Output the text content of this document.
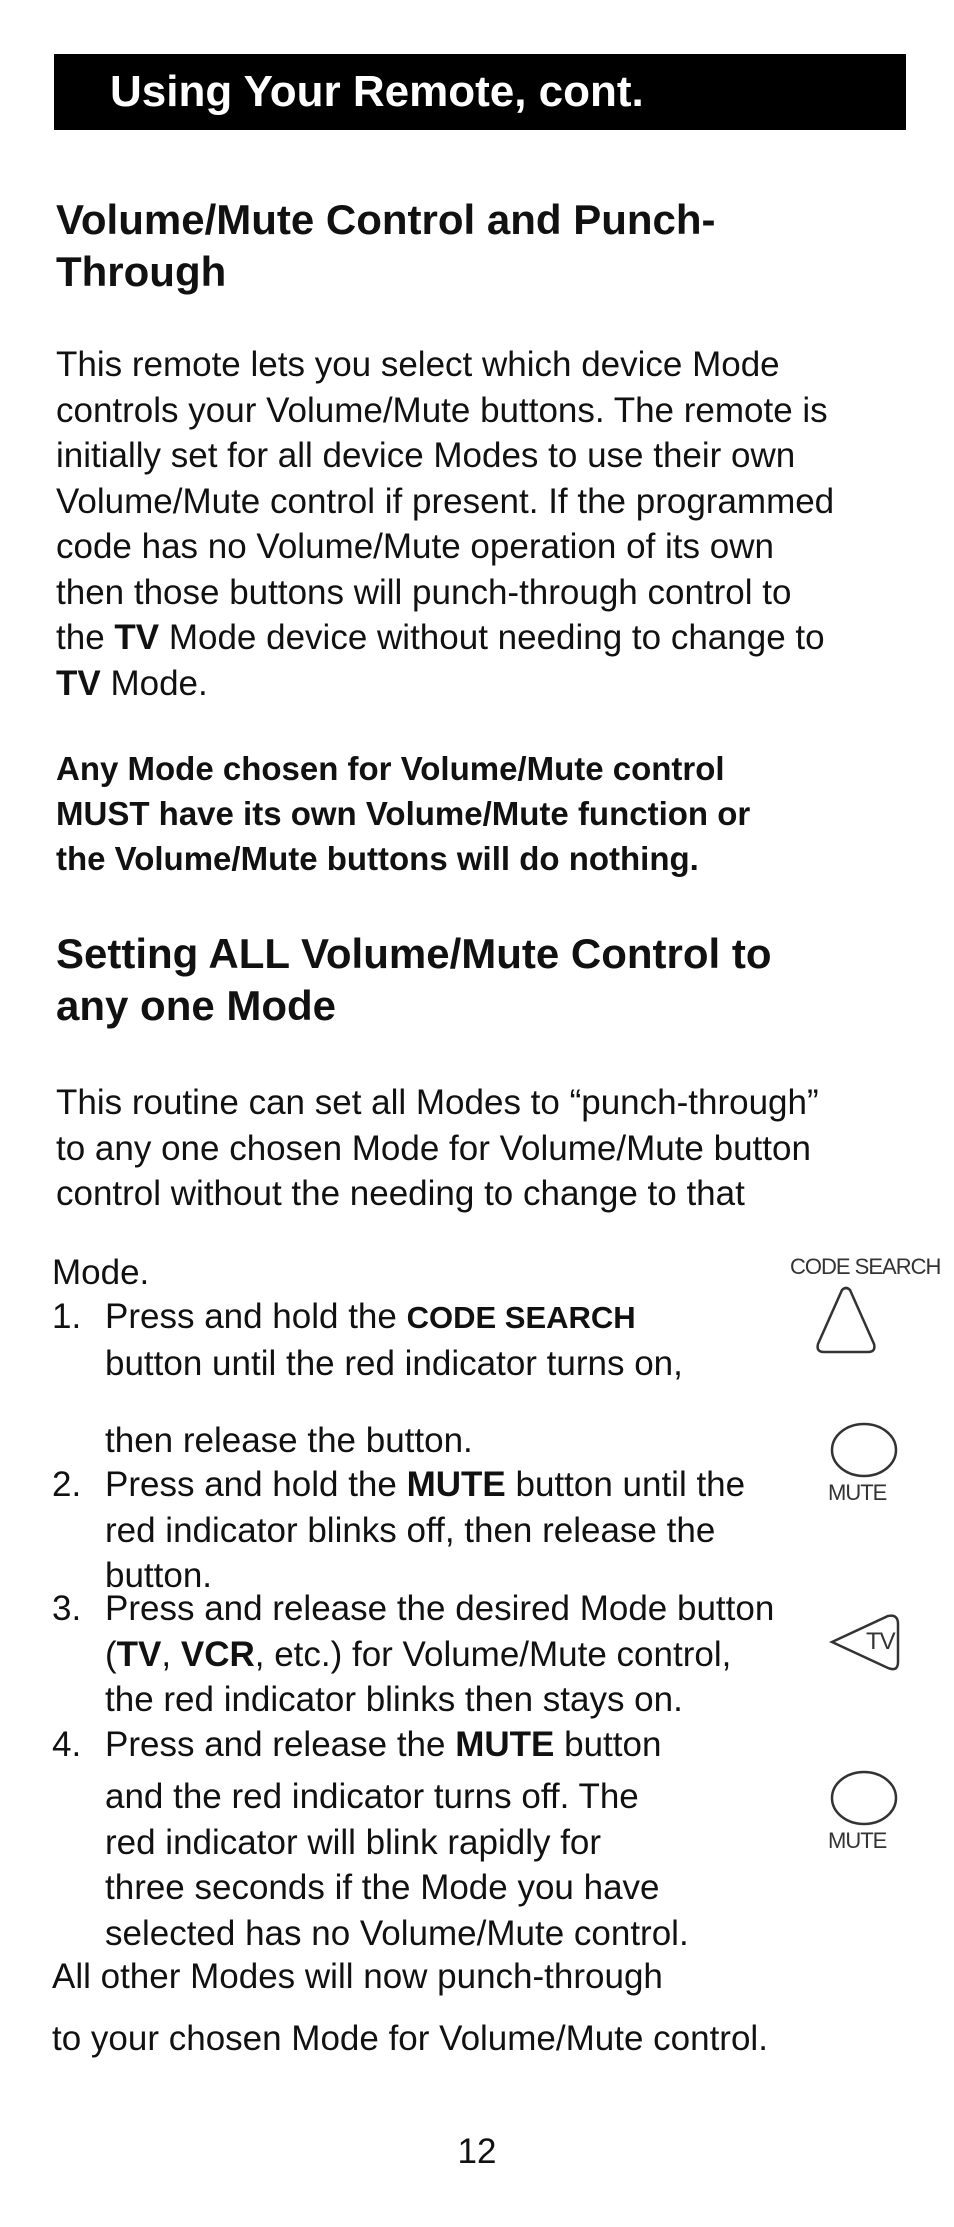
Using Your Remote, cont.
Volume/Mute Control and Punch-
Through
This remote lets you select which device Mode
controls your Volume/Mute buttons. The remote is
initially set for all device Modes to use their own
Volume/Mute control if present. If the programmed
code has no Volume/Mute operation of its own
then those buttons will punch-through control to
the TV Mode device without needing to change to
TV Mode.
Any Mode chosen for Volume/Mute control
MUST have its own Volume/Mute function or
the Volume/Mute buttons will do nothing.
Setting ALL Volume/Mute Control to
any one Mode
This routine can set all Modes to “punch-through”
to any one chosen Mode for Volume/Mute button
control without the needing to change to that
Mode.
1. Press and hold the CODE SEARCH
button until the red indicator turns on,
then release the button.
2. Press and hold the MUTE button until the
red indicator blinks off, then release the
button.
3. Press and release the desired Mode button
(TV, VCR, etc.) for Volume/Mute control,
the red indicator blinks then stays on.
4. Press and release the MUTE button
and the red indicator turns off. The
red indicator will blink rapidly for
three seconds if the Mode you have
selected has no Volume/Mute control.
All other Modes will now punch-through
to your chosen Mode for Volume/Mute control.
CODE SEARCH
MUTE
TV
MUTE
12
